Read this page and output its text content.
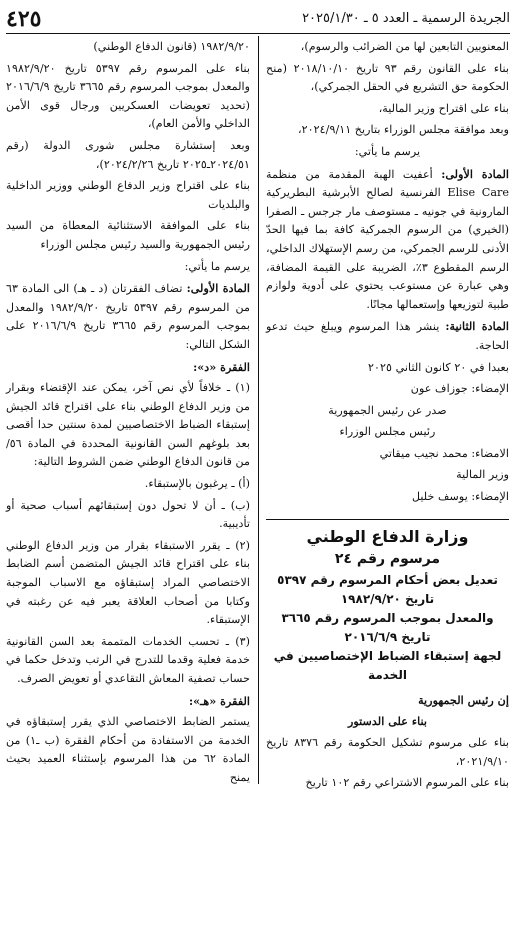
٤٢٥	الجريدة الرسمية ـ العدد ٥ ـ ٢٠٢٥/١/٣٠

المعنويين التابعين لها من الضرائب والرسوم)،

بناء على القانون رقم ٩٣ تاريخ ٢٠١٨/١٠/١٠ (منح الحكومة حق التشريع في الحقل الجمركي)،

بناء على اقتراح وزير المالية،

وبعد موافقة مجلس الوزراء بتاريخ ٢٠٢٤/٩/١١،

يرسم ما يأتي:

المادة الأولى: أعفيت الهبة المقدمة من منظمة Elise Care الفرنسية لصالح الأبرشية البطريركية المارونية في جونيه ـ مستوصف مار جرجس ـ الصفرا (الخيري) من الرسوم الجمركية كافة بما فيها الحدّ الأدنى للرسم الجمركي، من رسم الإستهلاك الداخلي، الرسم المقطوع ٣٪، الضريبة على القيمة المضافة، وهي عبارة عن مستوعب يحتوي على أدوية ولوازم طبية لتوزيعها وإستعمالها مجانًا.

المادة الثانية: ينشر هذا المرسوم ويبلغ حيث تدعو الحاجة.

بعبدا في ٢٠ كانون الثاني ٢٠٢٥

الإمضاء: جوزاف عون

صدر عن رئيس الجمهورية

رئيس مجلس الوزراء

الامضاء: محمد نجيب ميقاتي

وزير المالية

الإمضاء: يوسف خليل

وزارة الدفاع الوطني
مرسوم رقم ٢٤
تعديل بعض أحكام المرسوم رقم ٥٣٩٧
تاريخ ١٩٨٢/٩/٢٠
والمعدل بموجب المرسوم رقم ٣٦٦٥
تاريخ ٢٠١٦/٦/٩
لجهة إستبقاء الضباط الإختصاصيين في الخدمة

إن رئيس الجمهورية

بناء على الدستور

بناء على مرسوم تشكيل الحكومة رقم ٨٣٧٦ تاريخ ٢٠٢١/٩/١٠،

بناء على المرسوم الاشتراعي رقم ١٠٢ تاريخ

١٩٨٢/٩/٢٠ (قانون الدفاع الوطني)

بناء على المرسوم رقم ٥٣٩٧ تاريخ ١٩٨٢/٩/٢٠ والمعدل بموجب المرسوم رقم ٣٦٦٥ تاريخ ٢٠١٦/٦/٩ (تحديد تعويضات العسكريين ورجال قوى الأمن الداخلي والأمن العام)،

وبعد إستشارة مجلس شورى الدولة (رقم ٢٠٢٤/٥١ـ٢٠٢٥ تاريخ ٢٠٢٤/٢/٢٦)،

بناء على اقتراح وزير الدفاع الوطني ووزير الداخلية والبلديات

بناء على الموافقة الاستثنائية المعطاة من السيد رئيس الجمهورية والسيد رئيس مجلس الوزراء

يرسم ما يأتي:

المادة الأولى: تضاف الفقرتان (د ـ هـ) الى المادة ٦٣ من المرسوم رقم ٥٣٩٧ تاريخ ١٩٨٢/٩/٢٠ والمعدل بموجب المرسوم رقم ٣٦٦٥ تاريخ ٢٠١٦/٦/٩ على الشكل التالي:

الفقرة «د»:

(١) ـ خلافاً لأي نص آخر، يمكن عند الإقتضاء وبقرار من وزير الدفاع الوطني بناء على اقتراح قائد الجيش إستبقاء الضباط الاختصاصيين لمدة سنتين حدا أقصى بعد بلوغهم السن القانونية المحددة في المادة ٥٦/ من قانون الدفاع الوطني ضمن الشروط التالية:

(أ) ـ يرغبون بالإستبقاء.

(ب) ـ أن لا تحول دون إستبقائهم أسباب صحية أو تأديبية.

(٢) ـ يقرر الاستبقاء بقرار من وزير الدفاع الوطني بناء على اقتراح قائد الجيش المتضمن أسم الضابط الاختصاصي المراد إستبقاؤه مع الاسباب الموجبة وكتابا من أصحاب العلاقة يعبر فيه عن رغبته في الإستبقاء.

(٣) ـ تحسب الخدمات المتممة بعد السن القانونية خدمة فعلية وقدما للتدرج في الرتب وتدخل حكما في حساب تصفية المعاش التقاعدي أو تعويض الصرف.

الفقرة «هـ»:

يستمر الضابط الاختصاصي الذي يقرر إستبقاؤه في الخدمة من الاستفادة من أحكام الفقرة (ب ـ١) من المادة ٦٢ من هذا المرسوم بإستثناء العميد بحيث يمنح
